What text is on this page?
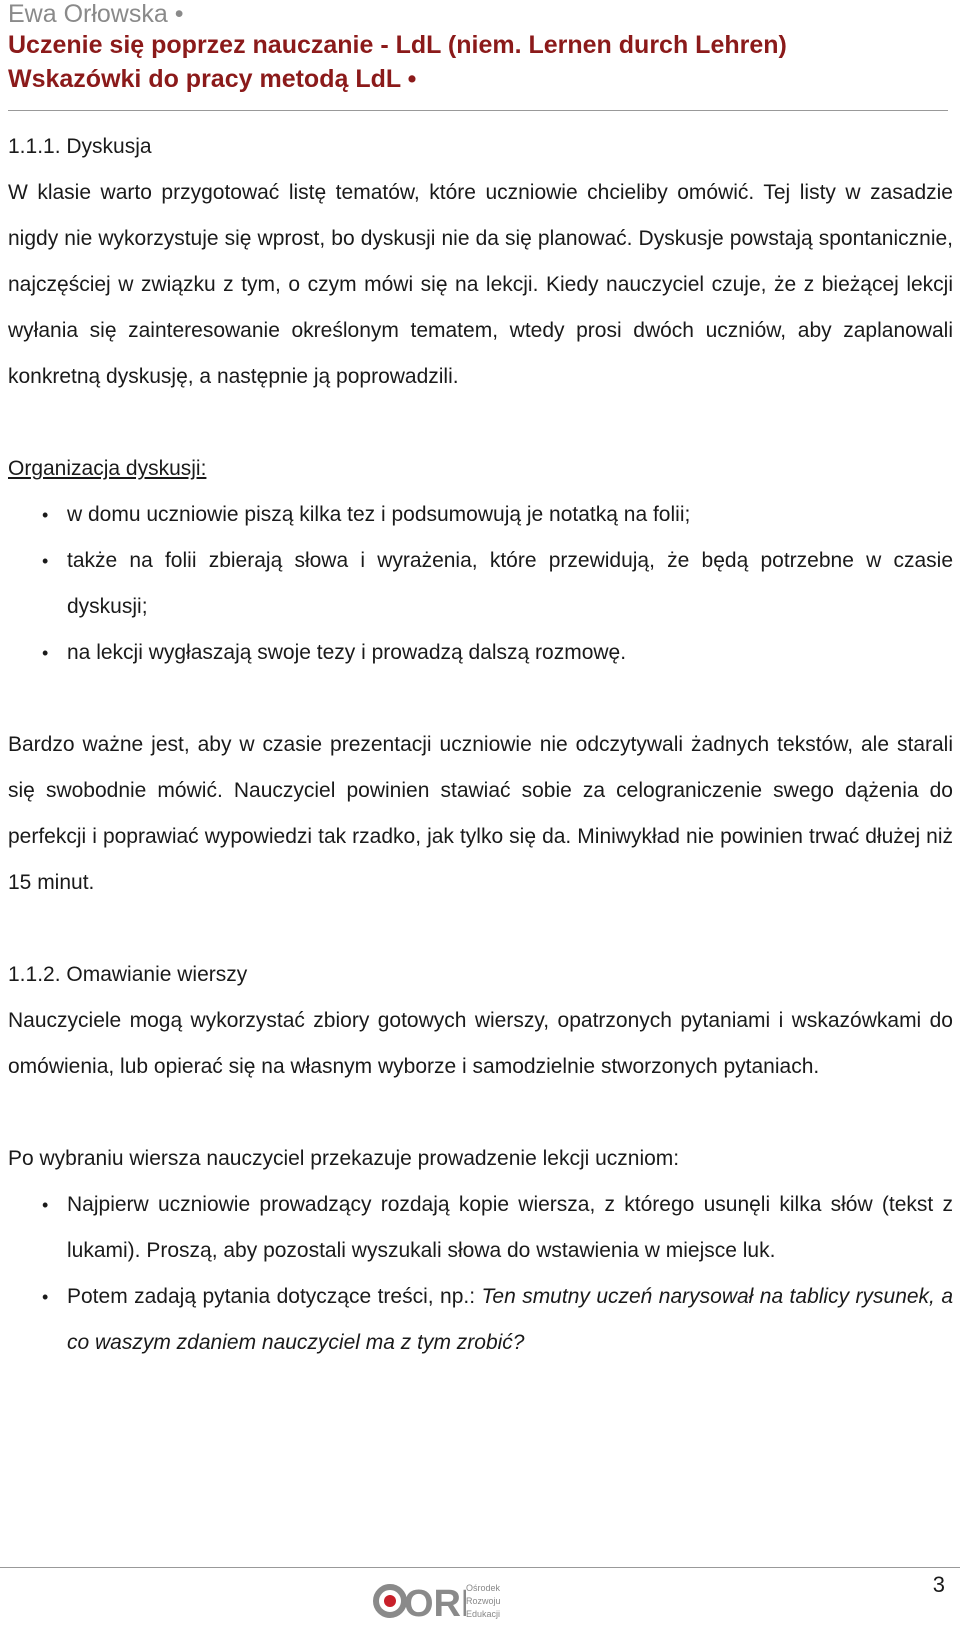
Ewa Orłowska •
Uczenie się poprzez nauczanie - LdL (niem. Lernen durch Lehren)
Wskazówki do pracy metodą LdL •
1.1.1. Dyskusja
W klasie warto przygotować listę tematów, które uczniowie chcieliby omówić. Tej listy w zasadzie nigdy nie wykorzystuje się wprost, bo dyskusji nie da się planować. Dyskusje powstają spontanicznie, najczęściej w związku z tym, o czym mówi się na lekcji. Kiedy nauczyciel czuje, że z bieżącej lekcji wyłania się zainteresowanie określonym tematem, wtedy prosi dwóch uczniów, aby zaplanowali konkretną dyskusję, a następnie ją poprowadzili.
Organizacja dyskusji:
• w domu uczniowie piszą kilka tez i podsumowują je notatką na folii;
• także na folii zbierają słowa i wyrażenia, które przewidują, że będą potrzebne w czasie dyskusji;
• na lekcji wygłaszają swoje tezy i prowadzą dalszą rozmowę.
Bardzo ważne jest, aby w czasie prezentacji uczniowie nie odczytywali żadnych tekstów, ale starali się swobodnie mówić. Nauczyciel powinien stawiać sobie za celograniczenie swego dążenia do perfekcji i poprawiać wypowiedzi tak rzadko, jak tylko się da. Miniwykład nie powinien trwać dłużej niż 15 minut.
1.1.2. Omawianie wierszy
Nauczyciele mogą wykorzystać zbiory gotowych wierszy, opatrzonych pytaniami i wskazówkami do omówienia, lub opierać się na własnym wyborze i samodzielnie stworzonych pytaniach.
Po wybraniu wiersza nauczyciel przekazuje prowadzenie lekcji uczniom:
• Najpierw uczniowie prowadzący rozdają kopie wiersza, z którego usunęli kilka słów (tekst z lukami). Proszą, aby pozostali wyszukali słowa do wstawienia w miejsce luk.
• Potem zadają pytania dotyczące treści, np.: Ten smutny uczeń narysował na tablicy rysunek, a co waszym zdaniem nauczyciel ma z tym zrobić?
OR Ośrodek
Rozwoju
Edukacji
3
